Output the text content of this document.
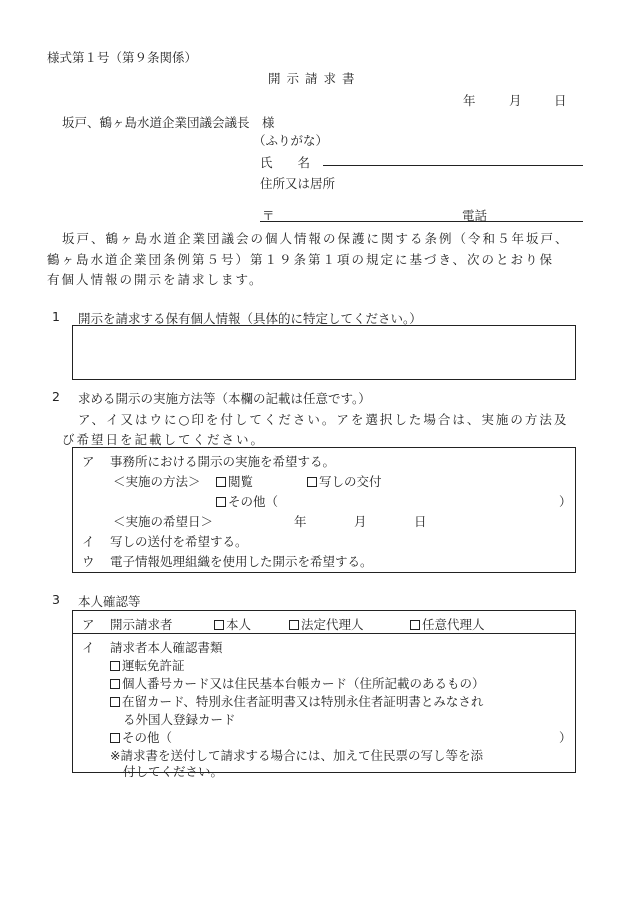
様式第１号（第９条関係）
開示請求書
年	月	日
坂戸、鶴ヶ島水道企業団議会議長　様
（ふりがな）
氏　　名
住所又は居所
〒	電話
坂戸、鶴ヶ島水道企業団議会の個人情報の保護に関する条例（令和５年坂戸、
鶴ヶ島水道企業団条例第５号）第１９条第１項の規定に基づき、次のとおり保
有個人情報の開示を請求します。
1 開示を請求する保有個人情報（具体的に特定してください。）
2 求める開示の実施方法等（本欄の記載は任意です。）
ア、イ又はウに○印を付してください。アを選択した場合は、実施の方法及
び希望日を記載してください。
ア 事務所における開示の実施を希望する。
＜実施の方法＞	閲覧	写しの交付
その他（	）
＜実施の希望日＞	年	月	日
イ 写しの送付を希望する。
ウ 電子情報処理組織を使用した開示を希望する。
3 本人確認等
ア 開示請求者	本人	法定代理人	任意代理人
イ 請求者本人確認書類
運転免許証
個人番号カード又は住民基本台帳カード（住所記載のあるもの）
在留カード、特別永住者証明書又は特別永住者証明書とみなされ
る外国人登録カード
その他（	）
※請求書を送付して請求する場合には、加えて住民票の写し等を添
付してください。
